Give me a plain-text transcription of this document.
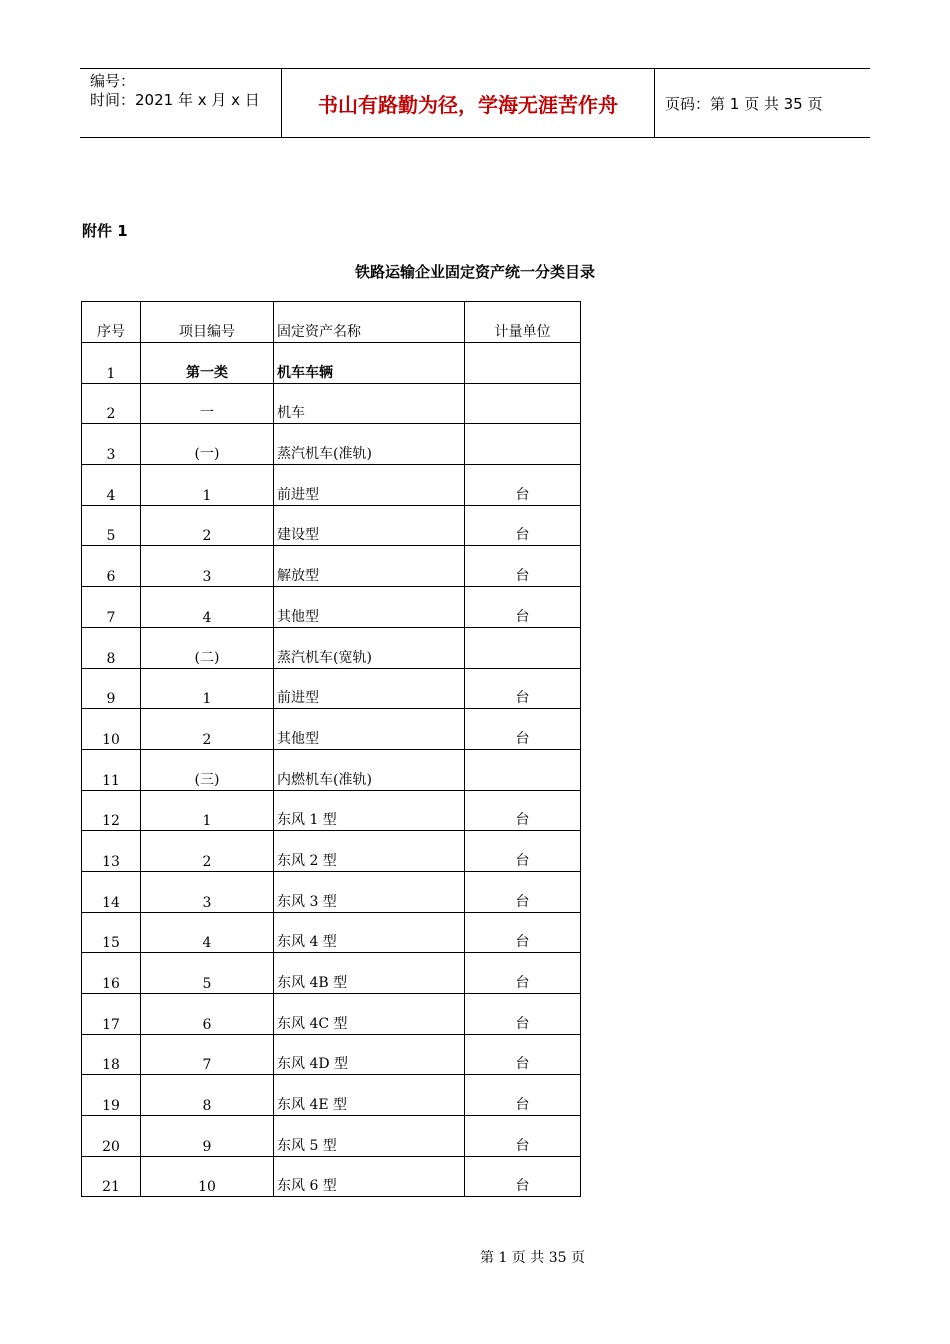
编号：
时间：2021 年 x 月 x 日	书山有路勤为径，学海无涯苦作舟	页码：第 1 页 共 35 页
附件 1
铁路运输企业固定资产统一分类目录
序号	项目编号	固定资产名称	计量单位

1	第一类	机车车辆	

2	一	机车	

3	(一)	蒸汽机车(准轨)	

4	1	前进型	台

5	2	建设型	台

6	3	解放型	台

7	4	其他型	台

8	(二)	蒸汽机车(宽轨)	

9	1	前进型	台

10	2	其他型	台

11	(三)	内燃机车(准轨)	

12	1	东风 1 型	台

13	2	东风 2 型	台

14	3	东风 3 型	台

15	4	东风 4 型	台

16	5	东风 4B 型	台

17	6	东风 4C 型	台

18	7	东风 4D 型	台

19	8	东风 4E 型	台

20	9	东风 5 型	台

21	10	东风 6 型	台
第 1 页 共 35 页
